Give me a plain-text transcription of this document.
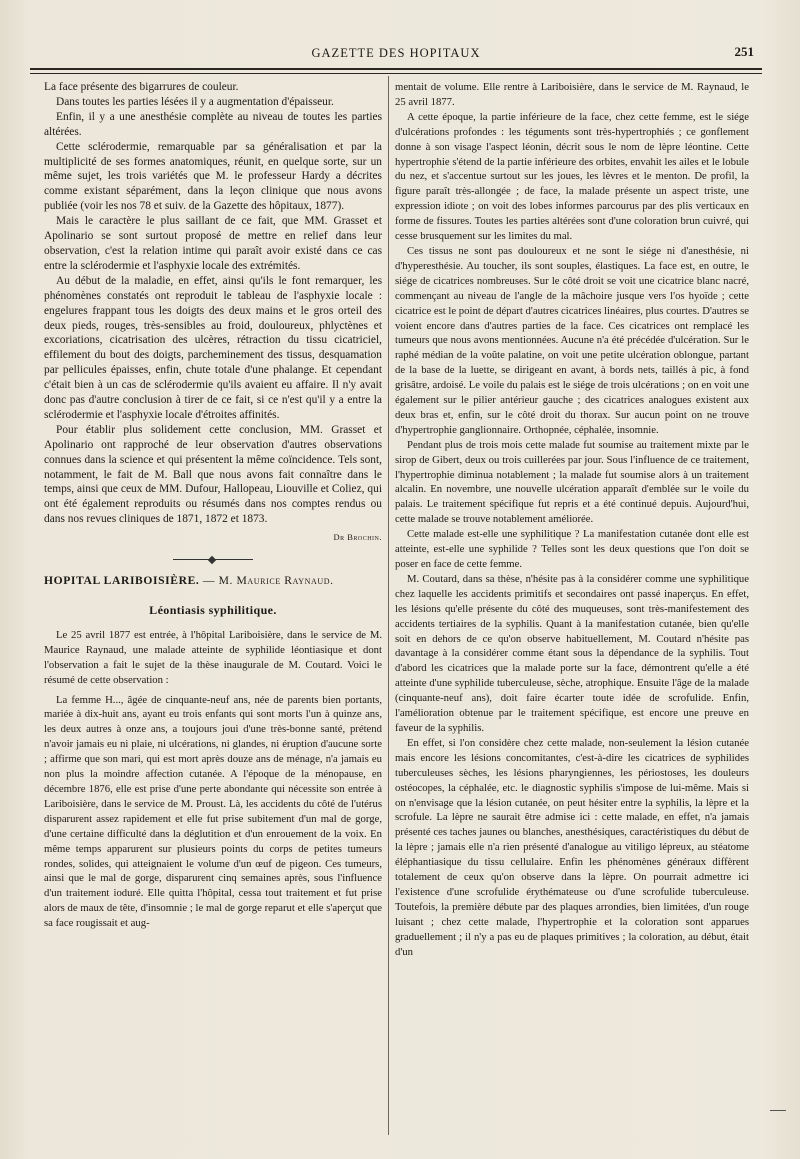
GAZETTE DES HOPITAUX	251

La face présente des bigarrures de couleur.

Dans toutes les parties lésées il y a augmentation d'épaisseur.

Enfin, il y a une anesthésie complète au niveau de toutes les parties altérées.

Cette sclérodermie, remarquable par sa généralisation et par la multiplicité de ses formes anatomiques, réunit, en quelque sorte, sur un même sujet, les trois variétés que M. le professeur Hardy a décrites comme existant séparément, dans la leçon clinique que nous avons publiée (voir les nos 78 et suiv. de la Gazette des hôpitaux, 1877).

Mais le caractère le plus saillant de ce fait, que MM. Grasset et Apolinario se sont surtout proposé de mettre en relief dans leur observation, c'est la relation intime qui paraît avoir existé dans ce cas entre la sclérodermie et l'asphyxie locale des extrémités.

Au début de la maladie, en effet, ainsi qu'ils le font remarquer, les phénomènes constatés ont reproduit le tableau de l'asphyxie locale : engelures frappant tous les doigts des deux mains et le gros orteil des deux pieds, rouges, très-sensibles au froid, douloureux, phlyctènes et excoriations, cicatrisation des ulcères, rétraction du tissu cicatriciel, effilement du bout des doigts, parcheminement des tissus, desquamation par pellicules épaisses, enfin, chute totale d'une phalange. Et cependant c'était bien à un cas de sclérodermie qu'ils avaient eu affaire. Il n'y avait donc pas d'autre conclusion à tirer de ce fait, si ce n'est qu'il y a entre la sclérodermie et l'asphyxie locale d'étroites affinités.

Pour établir plus solidement cette conclusion, MM. Grasset et Apolinario ont rapproché de leur observation d'autres observations connues dans la science et qui présentent la même coïncidence. Tels sont, notamment, le fait de M. Ball que nous avons fait connaître dans le temps, ainsi que ceux de MM. Dufour, Hallopeau, Liouville et Coliez, qui ont été également reproduits ou résumés dans nos comptes rendus ou dans nos revues cliniques de 1871, 1872 et 1873.

Dr Brochin.
HOPITAL LARIBOISIÈRE. — M. Maurice Raynaud.
Léontiasis syphilitique.

Le 25 avril 1877 est entrée, à l'hôpital Lariboisière, dans le service de M. Maurice Raynaud, une malade atteinte de syphilide léontiasique et dont l'observation a fait le sujet de la thèse inaugurale de M. Coutard. Voici le résumé de cette observation :

La femme H..., âgée de cinquante-neuf ans, née de parents bien portants, mariée à dix-huit ans, ayant eu trois enfants qui sont morts l'un à quinze ans, les deux autres à onze ans, a toujours joui d'une très-bonne santé, prétend n'avoir jamais eu ni plaie, ni ulcérations, ni glandes, ni éruption d'aucune sorte ; affirme que son mari, qui est mort après douze ans de ménage, n'a jamais eu non plus la moindre affection cutanée. A l'époque de la ménopause, en décembre 1876, elle est prise d'une perte abondante qui nécessite son entrée à Lariboisière, dans le service de M. Proust. Là, les accidents du côté de l'utérus disparurent assez rapidement et elle fut prise subitement d'un mal de gorge, d'une certaine difficulté dans la déglutition et d'un enrouement de la voix. En même temps apparurent sur plusieurs points du corps de petites tumeurs rondes, solides, qui atteignaient le volume d'un œuf de pigeon. Ces tumeurs, ainsi que le mal de gorge, disparurent cinq semaines après, sous l'influence d'un traitement ioduré. Elle quitta l'hôpital, cessa tout traitement et fut prise alors de maux de tête, d'insomnie ; le mal de gorge reparut et elle s'aperçut que sa face rougissait et aug-

mentait de volume. Elle rentre à Lariboisière, dans le service de M. Raynaud, le 25 avril 1877.

A cette époque, la partie inférieure de la face, chez cette femme, est le siége d'ulcérations profondes : les téguments sont très-hypertrophiés ; ce gonflement donne à son visage l'aspect léonin, décrit sous le nom de lèpre léontine. Cette hypertrophie s'étend de la partie inférieure des orbites, envahit les ailes et le lobule du nez, et s'accentue surtout sur les joues, les lèvres et le menton. De profil, la figure paraît très-allongée ; de face, la malade présente un aspect triste, une expression idiote ; on voit des lobes informes parcourus par des plis verticaux en forme de fissures. Toutes les parties altérées sont d'une coloration brun cuivré, qui cesse brusquement sur les limites du mal.

Ces tissus ne sont pas douloureux et ne sont le siége ni d'anesthésie, ni d'hyperesthésie. Au toucher, ils sont souples, élastiques. La face est, en outre, le siége de cicatrices nombreuses. Sur le côté droit se voit une cicatrice blanc nacré, commençant au niveau de l'angle de la mâchoire jusque vers l'os hyoïde ; cette cicatrice est le point de départ d'autres cicatrices linéaires, plus courtes. D'autres se voient encore dans d'autres parties de la face. Ces cicatrices ont remplacé les tumeurs que nous avons mentionnées. Aucune n'a été précédée d'ulcération. Sur le raphé médian de la voûte palatine, on voit une petite ulcération oblongue, partant de la base de la luette, se dirigeant en avant, à bords nets, taillés à pic, à fond grisâtre, ardoisé. Le voile du palais est le siége de trois ulcérations ; on en voit une également sur le pilier antérieur gauche ; des cicatrices analogues existent aux deux bras et, enfin, sur le côté droit du thorax. Sur aucun point on ne trouve d'hypertrophie ganglionnaire. Orthopnée, céphalée, insomnie.

Pendant plus de trois mois cette malade fut soumise au traitement mixte par le sirop de Gibert, deux ou trois cuillerées par jour. Sous l'influence de ce traitement, l'hypertrophie diminua notablement ; la malade fut soumise alors à un traitement alcalin. En novembre, une nouvelle ulcération apparaît d'emblée sur le voile du palais. Le traitement spécifique fut repris et a été continué depuis. Aujourd'hui, cette malade se trouve notablement améliorée.

Cette malade est-elle une syphilitique ? La manifestation cutanée dont elle est atteinte, est-elle une syphilide ? Telles sont les deux questions que l'on doit se poser en face de cette femme.

M. Coutard, dans sa thèse, n'hésite pas à la considérer comme une syphilitique chez laquelle les accidents primitifs et secondaires ont passé inaperçus. En effet, les lésions qu'elle présente du côté des muqueuses, sont très-manifestement des accidents tertiaires de la syphilis. Quant à la manifestation cutanée, bien qu'elle soit en dehors de ce qu'on observe habituellement, M. Coutard n'hésite pas davantage à la considérer comme étant sous la dépendance de la syphilis. Tout d'abord les cicatrices que la malade porte sur la face, démontrent qu'elle a été atteinte d'une syphilide tuberculeuse, sèche, atrophique. Ensuite l'âge de la malade (cinquante-neuf ans), doit faire écarter toute idée de scrofulide. Enfin, l'amélioration obtenue par le traitement spécifique, est encore une preuve en faveur de la syphilis.

En effet, si l'on considère chez cette malade, non-seulement la lésion cutanée mais encore les lésions concomitantes, c'est-à-dire les cicatrices de syphilides tuberculeuses sèches, les lésions pharyngiennes, les périostoses, les douleurs ostéocopes, la céphalée, etc. le diagnostic syphilis s'impose de lui-même. Mais si on n'envisage que la lésion cutanée, on peut hésiter entre la syphilis, la lèpre et la scrofule. La lèpre ne saurait être admise ici : cette malade, en effet, n'a jamais présenté ces taches jaunes ou blanches, anesthésiques, caractéristiques du début de la lèpre ; jamais elle n'a rien présenté d'analogue au vitiligo lépreux, au stéatome éléphantiasique du tissu cellulaire. Enfin les phénomènes généraux diffèrent totalement de ceux qu'on observe dans la lèpre. On pourrait admettre ici l'existence d'une scrofulide érythémateuse ou d'une scrofulide tuberculeuse. Toutefois, la première débute par des plaques arrondies, bien limitées, d'un rouge luisant ; chez cette malade, l'hypertrophie et la coloration sont apparues graduellement ; il n'y a pas eu de plaques primitives ; la coloration, au début, était d'un
